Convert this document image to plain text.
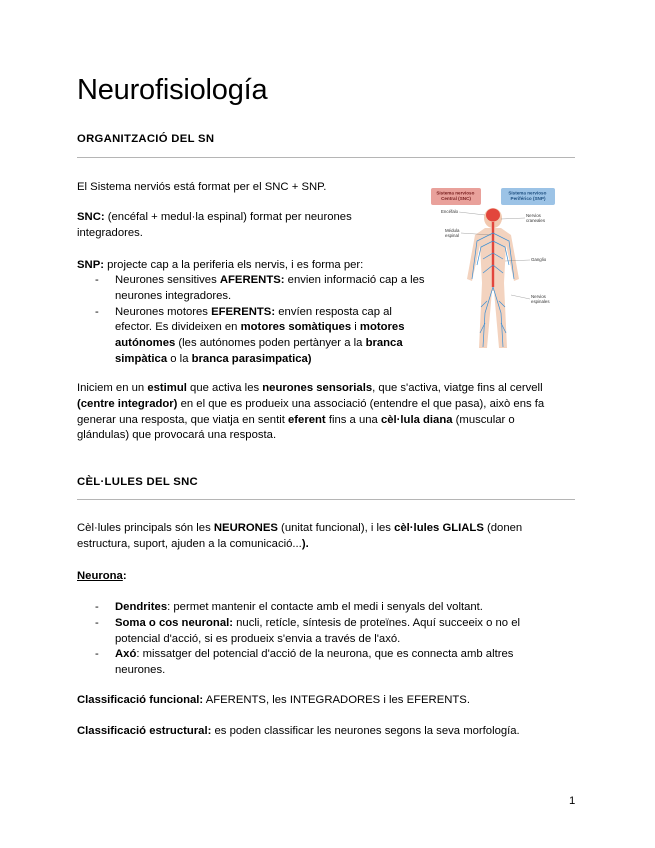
Neurofisiología
ORGANITZACIÓ DEL SN
El Sistema nerviós está format per el SNC + SNP.
SNC: (encéfal + medul·la espinal) format per neurones integradores.
SNP: projecte cap a la periferia els nervis, i es forma per:
- Neurones sensitives AFERENTS: envien informació cap a les neurones integradores.
- Neurones motores EFERENTS: envíen resposta cap al efector. Es divideixen en motores somàtiques i motores autónomes (les autónomes poden pertànyer a la branca simpàtica o la branca parasimpatica)
Sistema nervioso Central (SNC)
Sistema nervioso Periférico (SNP)
Encéfalo
Médula espinal
Nervios craneales
Ganglio
Nervios espinales
Iniciem en un estimul que activa les neurones sensorials, que s'activa, viatge fins al cervell (centre integrador) en el que es produeix una associació (entendre el que pasa), això ens fa generar una resposta, que viatja en sentit eferent fins a una cèl·lula diana (muscular o glándulas) que provocará una resposta.
CÈL·LULES DEL SNC
Cèl·lules principals són les NEURONES (unitat funcional), i les cèl·lules GLIALS (donen estructura, suport, ajuden a la comunicació...).
Neurona:
- Dendrites: permet mantenir el contacte amb el medi i senyals del voltant.
- Soma o cos neuronal: nucli, retícle, síntesis de proteïnes. Aquí succeeix o no el potencial d'acció, si es produeix s'envia a través de l'axó.
- Axó: missatger del potencial d'acció de la neurona, que es connecta amb altres neurones.
Classificació funcional: AFERENTS, les INTEGRADORES i les EFERENTS.
Classificació estructural: es poden classificar les neurones segons la seva morfología.
1
